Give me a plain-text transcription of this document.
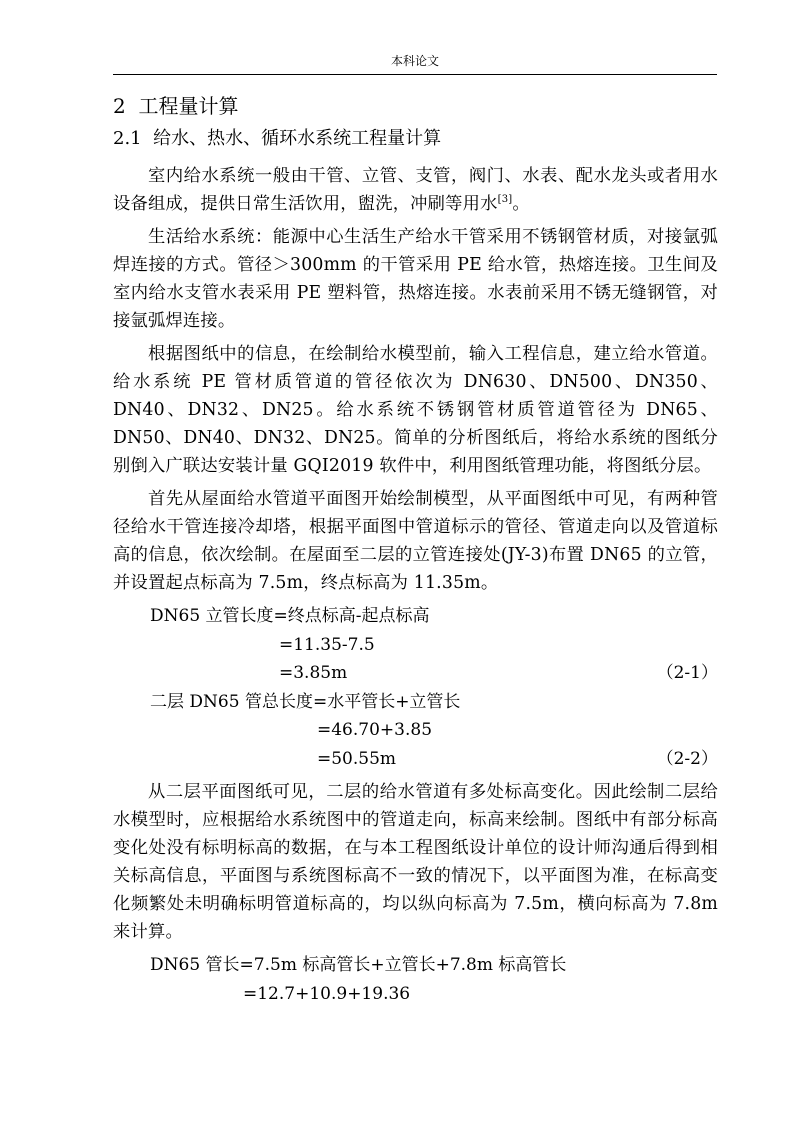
本科论文
2  工程量计算
2.1  给水、热水、循环水系统工程量计算

室内给水系统一般由干管、立管、支管，阀门、水表、配水龙头或者用水设备组成，提供日常生活饮用，盥洗，冲刷等用水[3]。

生活给水系统：能源中心生活生产给水干管采用不锈钢管材质，对接氩弧焊连接的方式。管径＞300mm 的干管采用 PE 给水管，热熔连接。卫生间及室内给水支管水表采用 PE 塑料管，热熔连接。水表前采用不锈无缝钢管，对接氩弧焊连接。

根据图纸中的信息，在绘制给水模型前，输入工程信息，建立给水管道。给水系统 PE 管材质管道的管径依次为 DN630、DN500、DN350、DN40、DN32、DN25。给水系统不锈钢管材质管道管径为 DN65、DN50、DN40、DN32、DN25。简单的分析图纸后，将给水系统的图纸分别倒入广联达安装计量 GQI2019 软件中，利用图纸管理功能，将图纸分层。

首先从屋面给水管道平面图开始绘制模型，从平面图纸中可见，有两种管径给水干管连接冷却塔，根据平面图中管道标示的管径、管道走向以及管道标高的信息，依次绘制。在屋面至二层的立管连接处(JY-3)布置 DN65 的立管，并设置起点标高为 7.5m，终点标高为 11.35m。

DN65 立管长度=终点标高-起点标高
=11.35-7.5
=3.85m	（2-1）
二层 DN65 管总长度=水平管长+立管长
=46.70+3.85
=50.55m	（2-2）

从二层平面图纸可见，二层的给水管道有多处标高变化。因此绘制二层给水模型时，应根据给水系统图中的管道走向，标高来绘制。图纸中有部分标高变化处没有标明标高的数据，在与本工程图纸设计单位的设计师沟通后得到相关标高信息，平面图与系统图标高不一致的情况下，以平面图为准，在标高变化频繁处未明确标明管道标高的，均以纵向标高为 7.5m，横向标高为 7.8m 来计算。

DN65 管长=7.5m 标高管长+立管长+7.8m 标高管长
=12.7+10.9+19.36
